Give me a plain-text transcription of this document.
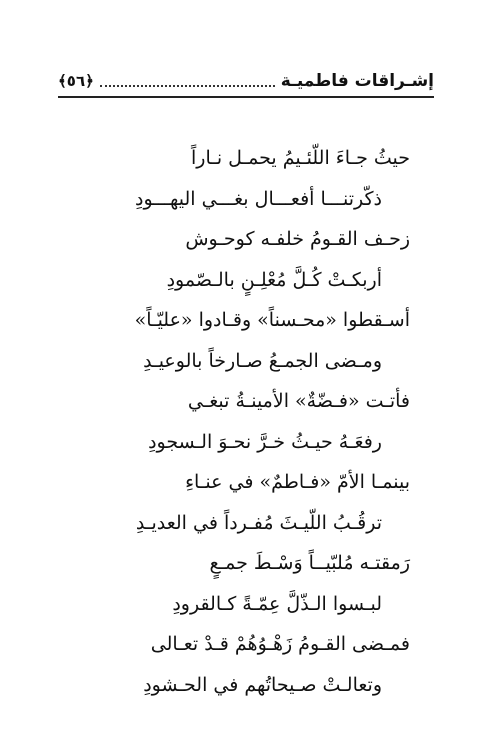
إشـراقات فاطميـة
﴿٥٦﴾
حيثُ جـاءَ اللّئـيمُ يحمـل نـاراً
ذكّرتنـــا أفعـــال بغـــي اليهـــودِ
زحـف القـومُ خلفـه كوحـوش
أربكـتْ كُـلَّ مُعْلِـنٍ بالـصّمودِ
أسـقطوا «محـسناً» وقـادوا «عليّـاً»
ومـضى الجمـعُ صـارخاً بالوعيـدِ
فأتـت «فـضّةٌ» الأمينـةُ تبغـي
رفعَـهُ حيـثُ خـرَّ نحـوَ الـسجودِ
بينمـا الأمّ «فـاطمٌ» في عنـاءِ
ترقُـبُ اللّيـثَ مُفـرداً في العديـدِ
رَمقتـه مُلبّيــاً وَسْـطَ جمـعٍ
لبـسوا الـذّلَّ عِمّـةً كـالقرودِ
فمـضى القـومُ زَهْـوُهُمْ قـدْ تعـالى
وتعالـتْ صـيحاتُهم في الحـشودِ
